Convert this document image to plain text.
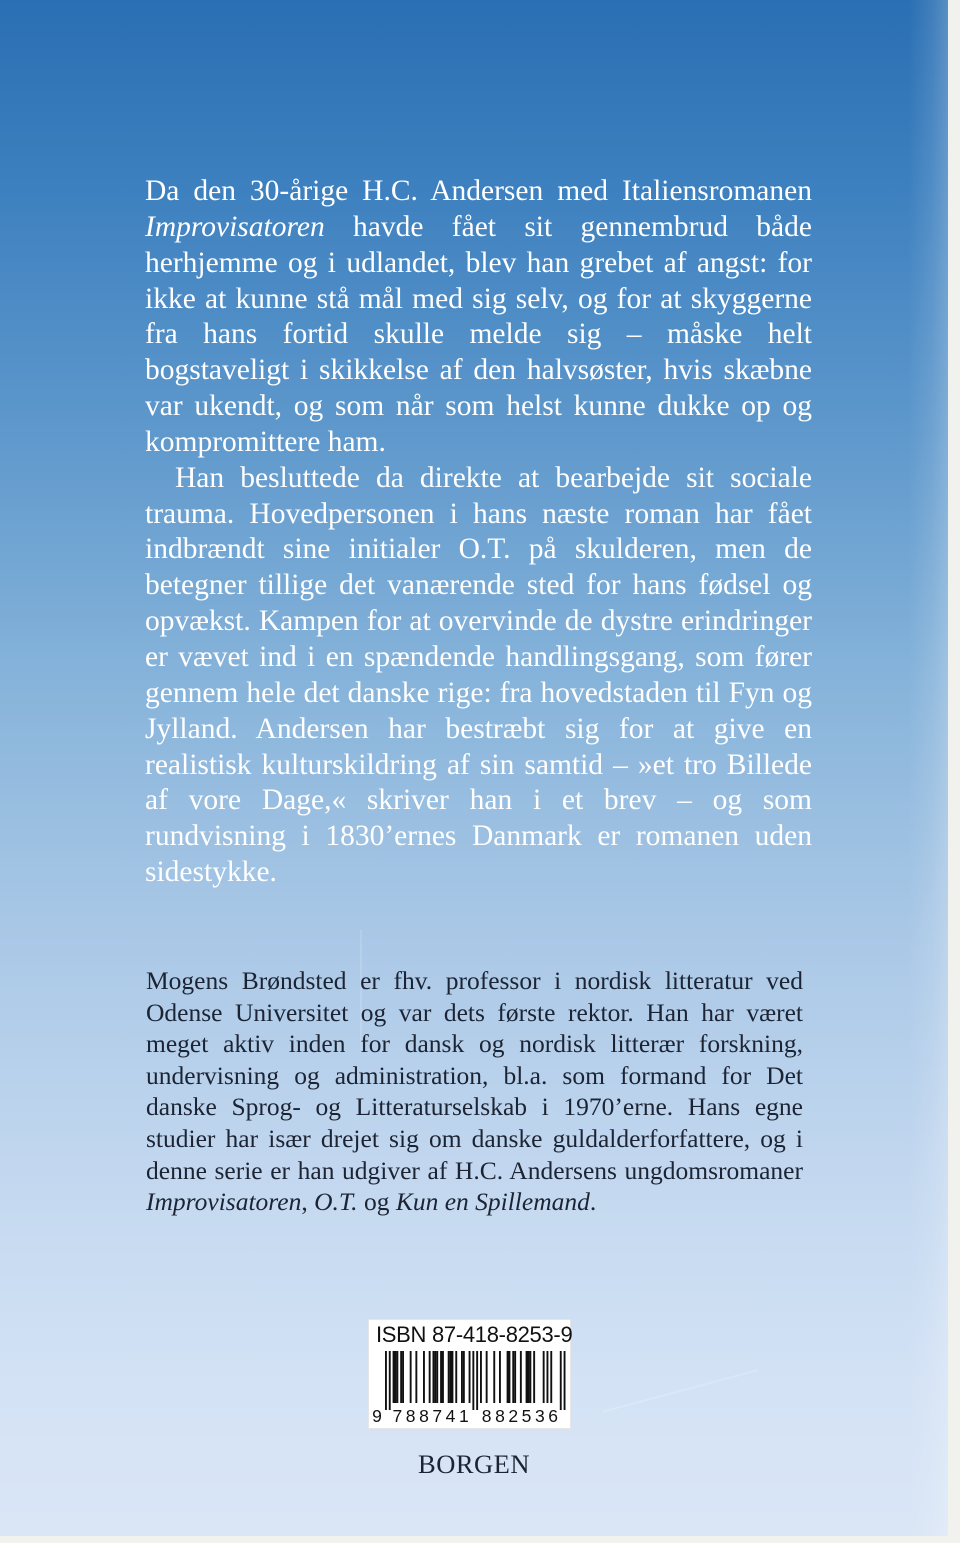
Da den 30-årige H.C. Andersen med Italiensromanen Improvisatoren havde fået sit gennembrud både herhjemme og i udlandet, blev han grebet af angst: for ikke at kunne stå mål med sig selv, og for at skyggerne fra hans fortid skulle melde sig – måske helt bogstaveligt i skikkelse af den halvsøster, hvis skæbne var ukendt, og som når som helst kunne dukke op og kompromittere ham.

Han besluttede da direkte at bearbejde sit sociale trauma. Hovedpersonen i hans næste roman har fået indbrændt sine initialer O.T. på skulderen, men de betegner tillige det vanærende sted for hans fødsel og opvækst. Kampen for at overvinde de dystre erindringer er vævet ind i en spændende handlingsgang, som fører gennem hele det danske rige: fra hovedstaden til Fyn og Jylland. Andersen har bestræbt sig for at give en realistisk kulturskildring af sin samtid – »et tro Billede af vore Dage,« skriver han i et brev – og som rundvisning i 1830’ernes Danmark er romanen uden sidestykke.

Mogens Brøndsted er fhv. professor i nordisk litteratur ved Odense Universitet og var dets første rektor. Han har været meget aktiv inden for dansk og nordisk litterær forskning, undervisning og administration, bl.a. som formand for Det danske Sprog- og Litteraturselskab i 1970’erne. Hans egne studier har især drejet sig om danske guldalderforfattere, og i denne serie er han udgiver af H.C. Andersens ungdomsromaner Improvisatoren, O.T. og Kun en Spillemand.

ISBN 87-418-8253-9
9 7 8 8 7 4 1 8 8 2 5 3 6
BORGEN
